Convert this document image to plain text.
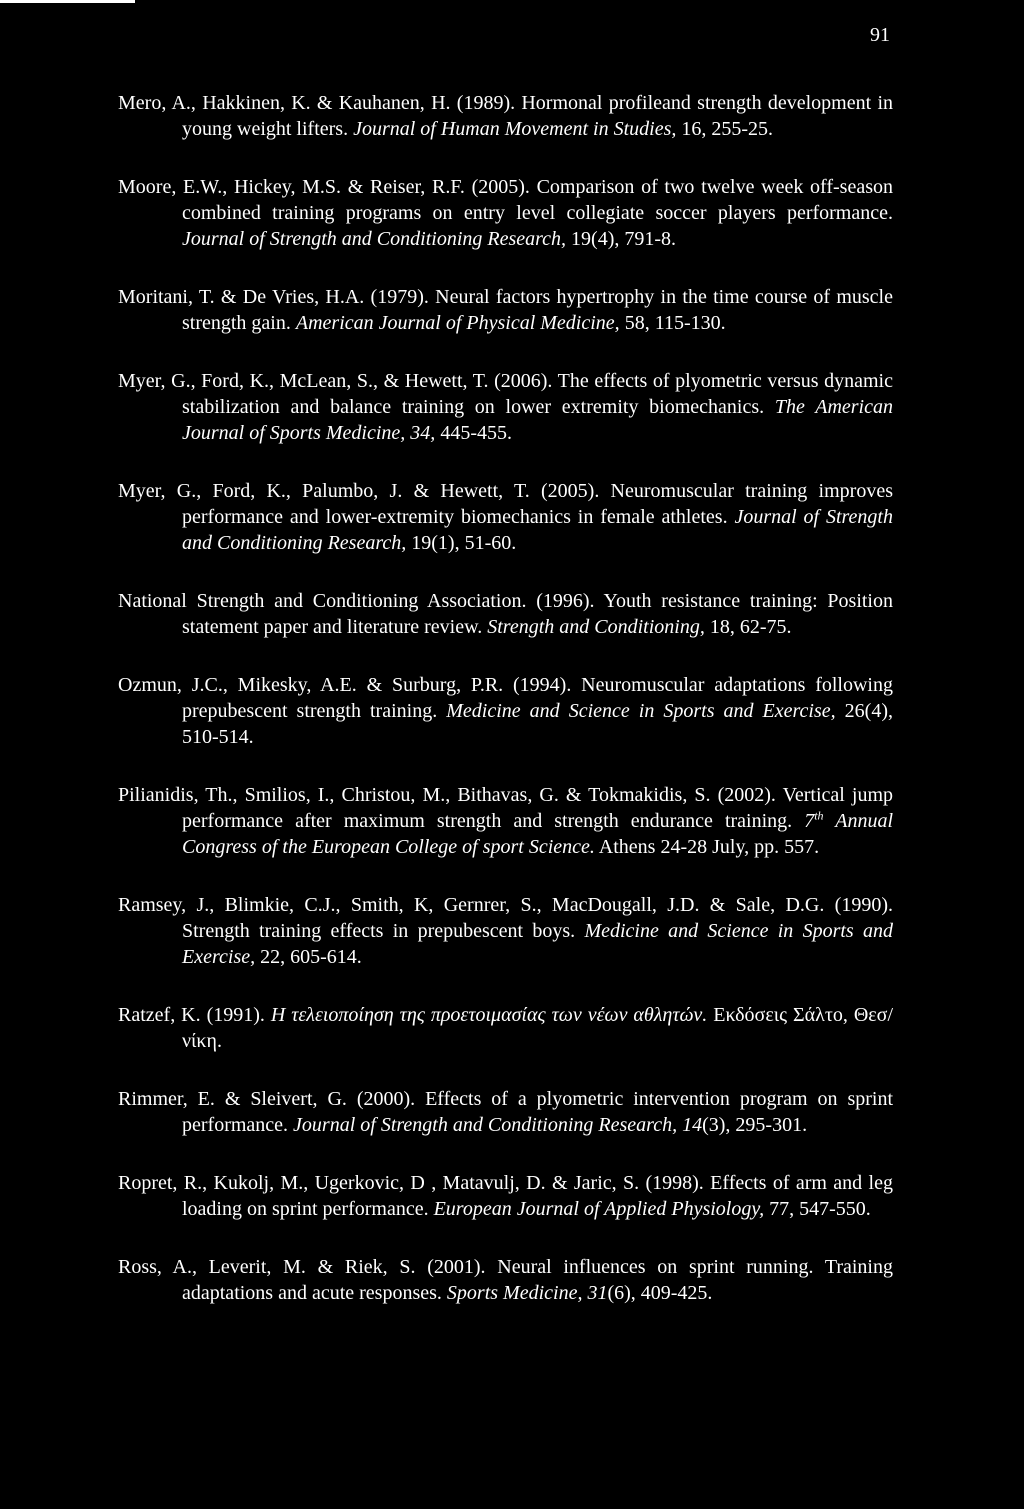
91

Mero, A., Hakkinen, K. & Kauhanen, H. (1989). Hormonal profileand strength development in young weight lifters. Journal of Human Movement in Studies, 16, 255-25.

Moore, E.W., Hickey, M.S. & Reiser, R.F. (2005). Comparison of two twelve week off-season combined training programs on entry level collegiate soccer players performance. Journal of Strength and Conditioning Research, 19(4), 791-8.

Moritani, T. & De Vries, H.A. (1979). Neural factors hypertrophy in the time course of muscle strength gain. American Journal of Physical Medicine, 58, 115-130.

Myer, G., Ford, K., McLean, S., & Hewett, T. (2006). The effects of plyometric versus dynamic stabilization and balance training on lower extremity biomechanics. The American Journal of Sports Medicine, 34, 445-455.

Myer, G., Ford, K., Palumbo, J. & Hewett, T. (2005). Neuromuscular training improves performance and lower-extremity biomechanics in female athletes. Journal of Strength and Conditioning Research, 19(1), 51-60.

National Strength and Conditioning Association. (1996). Youth resistance training: Position statement paper and literature review. Strength and Conditioning, 18, 62-75.

Ozmun, J.C., Mikesky, A.E. & Surburg, P.R. (1994). Neuromuscular adaptations following prepubescent strength training. Medicine and Science in Sports and Exercise, 26(4), 510-514.

Pilianidis, Th., Smilios, I., Christou, M., Bithavas, G. & Tokmakidis, S. (2002). Vertical jump performance after maximum strength and strength endurance training. 7th Annual Congress of the European College of sport Science. Athens 24-28 July, pp. 557.

Ramsey, J., Blimkie, C.J., Smith, K, Gernrer, S., MacDougall, J.D. & Sale, D.G. (1990). Strength training effects in prepubescent boys. Medicine and Science in Sports and Exercise, 22, 605-614.

Ratzef, K. (1991). Η τελειοποίηση της προετοιμασίας των νέων αθλητών. Εκδόσεις Σάλτο, Θεσ/νίκη.

Rimmer, E. & Sleivert, G. (2000). Effects of a plyometric intervention program on sprint performance. Journal of Strength and Conditioning Research, 14(3), 295-301.

Ropret, R., Kukolj, M., Ugerkovic, D , Matavulj, D. & Jaric, S. (1998). Effects of arm and leg loading on sprint performance. European Journal of Applied Physiology, 77, 547-550.

Ross, A., Leverit, M. & Riek, S. (2001). Neural influences on sprint running. Training adaptations and acute responses. Sports Medicine, 31(6), 409-425.
